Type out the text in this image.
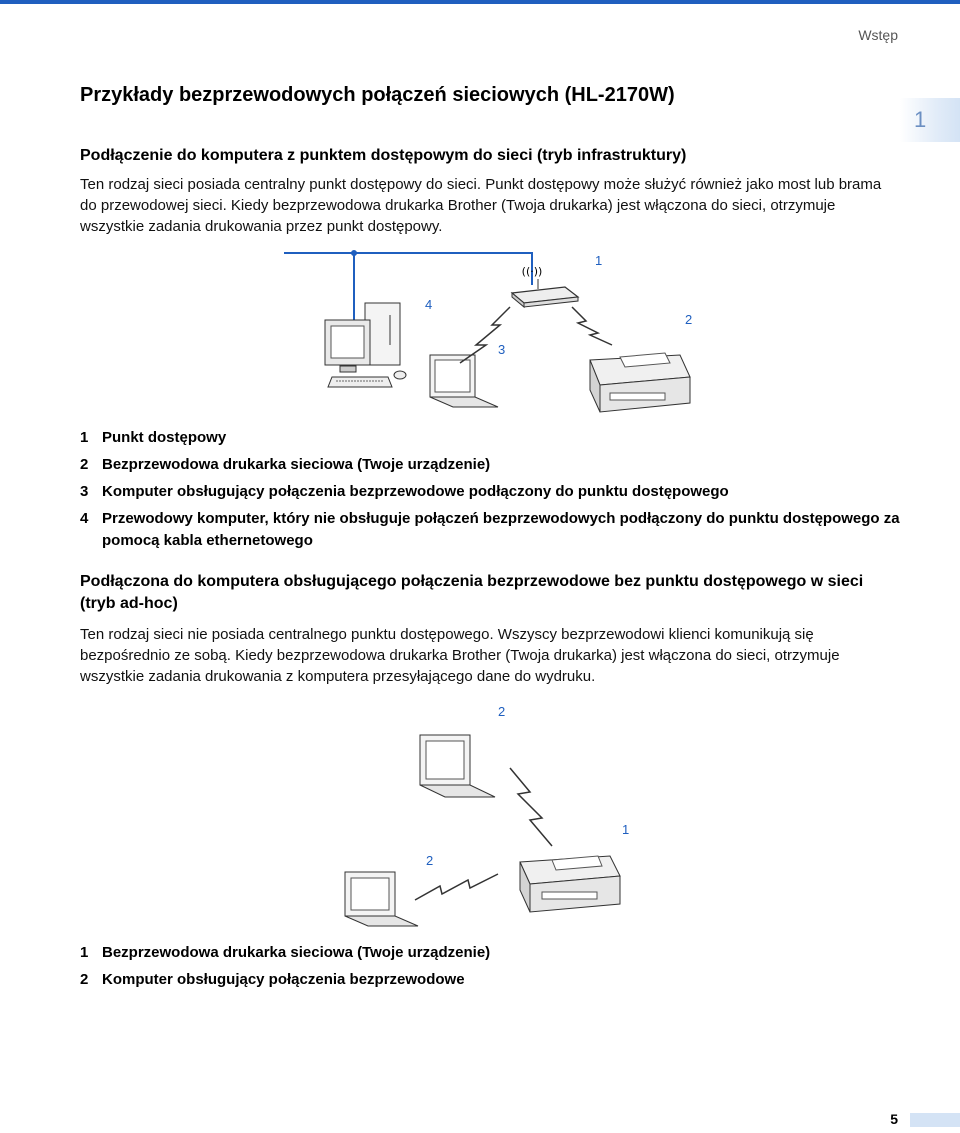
Wstęp
1
Przykłady bezprzewodowych połączeń sieciowych (HL-2170W)
Podłączenie do komputera z punktem dostępowym do sieci (tryb infrastruktury)
Ten rodzaj sieci posiada centralny punkt dostępowy do sieci. Punkt dostępowy może służyć również jako most lub brama do przewodowej sieci. Kiedy bezprzewodowa drukarka Brother (Twoja drukarka) jest włączona do sieci, otrzymuje wszystkie zadania drukowania przez punkt dostępowy.
((·))
1
2
3
4
1 Punkt dostępowy
2 Bezprzewodowa drukarka sieciowa (Twoje urządzenie)
3 Komputer obsługujący połączenia bezprzewodowe podłączony do punktu dostępowego
4 Przewodowy komputer, który nie obsługuje połączeń bezprzewodowych podłączony do punktu dostępowego za pomocą kabla ethernetowego
Podłączona do komputera obsługującego połączenia bezprzewodowe bez punktu dostępowego w sieci (tryb ad-hoc)
Ten rodzaj sieci nie posiada centralnego punktu dostępowego. Wszyscy bezprzewodowi klienci komunikują się bezpośrednio ze sobą. Kiedy bezprzewodowa drukarka Brother (Twoja drukarka) jest włączona do sieci, otrzymuje wszystkie zadania drukowania z komputera przesyłającego dane do wydruku.
2
1
2
1 Bezprzewodowa drukarka sieciowa (Twoje urządzenie)
2 Komputer obsługujący połączenia bezprzewodowe
5
